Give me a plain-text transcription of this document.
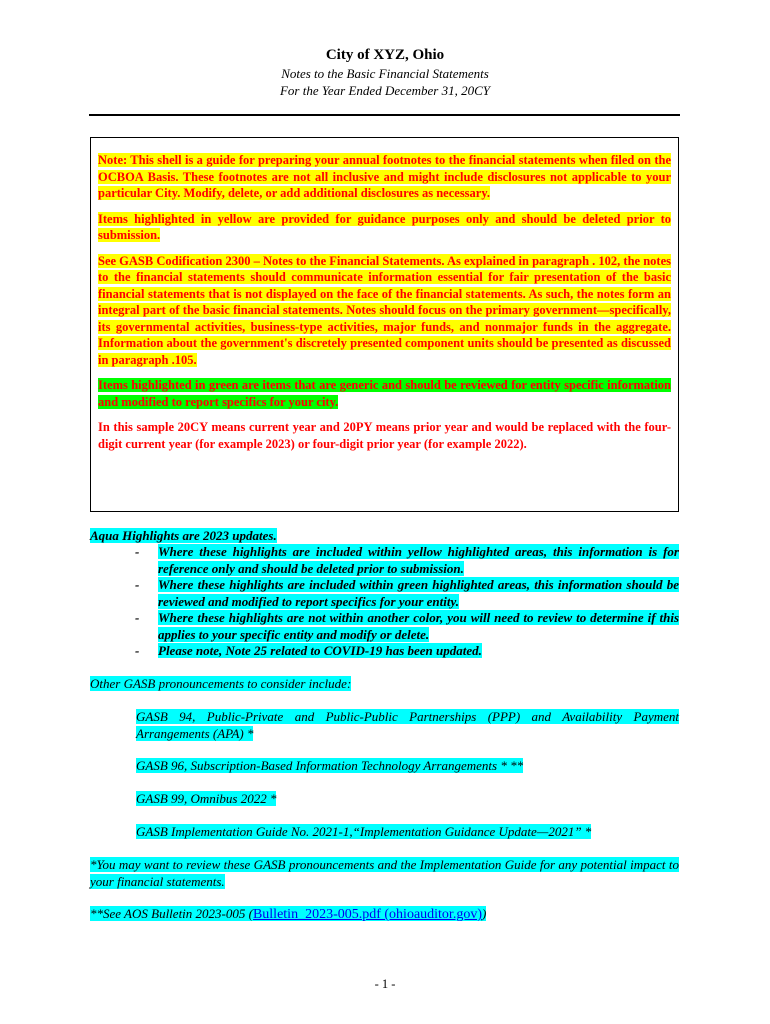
City of XYZ, Ohio
Notes to the Basic Financial Statements
For the Year Ended December 31, 20CY

Note: This shell is a guide for preparing your annual footnotes to the financial statements when filed on the OCBOA Basis. These footnotes are not all inclusive and might include disclosures not applicable to your particular City. Modify, delete, or add additional disclosures as necessary.

Items highlighted in yellow are provided for guidance purposes only and should be deleted prior to submission.

See GASB Codification 2300 – Notes to the Financial Statements. As explained in paragraph . 102, the notes to the financial statements should communicate information essential for fair presentation of the basic financial statements that is not displayed on the face of the financial statements. As such, the notes form an integral part of the basic financial statements. Notes should focus on the primary government—specifically, its governmental activities, business-type activities, major funds, and nonmajor funds in the aggregate. Information about the government's discretely presented component units should be presented as discussed in paragraph .105.

Items highlighted in green are items that are generic and should be reviewed for entity specific information and modified to report specifics for your city.

In this sample 20CY means current year and 20PY means prior year and would be replaced with the four-digit current year (for example 2023) or four-digit prior year (for example 2022).

Aqua Highlights are 2023 updates.
- Where these highlights are included within yellow highlighted areas, this information is for reference only and should be deleted prior to submission.
- Where these highlights are included within green highlighted areas, this information should be reviewed and modified to report specifics for your entity.
- Where these highlights are not within another color, you will need to review to determine if this applies to your specific entity and modify or delete.
- Please note, Note 25 related to COVID-19 has been updated.
Other GASB pronouncements to consider include:
GASB 94, Public-Private and Public-Public Partnerships (PPP) and Availability Payment Arrangements (APA) *
GASB 96, Subscription-Based Information Technology Arrangements * **
GASB 99, Omnibus 2022 *
GASB Implementation Guide No. 2021-1,“Implementation Guidance Update—2021” *
*You may want to review these GASB pronouncements and the Implementation Guide for any potential impact to your financial statements.
**See AOS Bulletin 2023-005 (Bulletin_2023-005.pdf (ohioauditor.gov))
- 1 -
